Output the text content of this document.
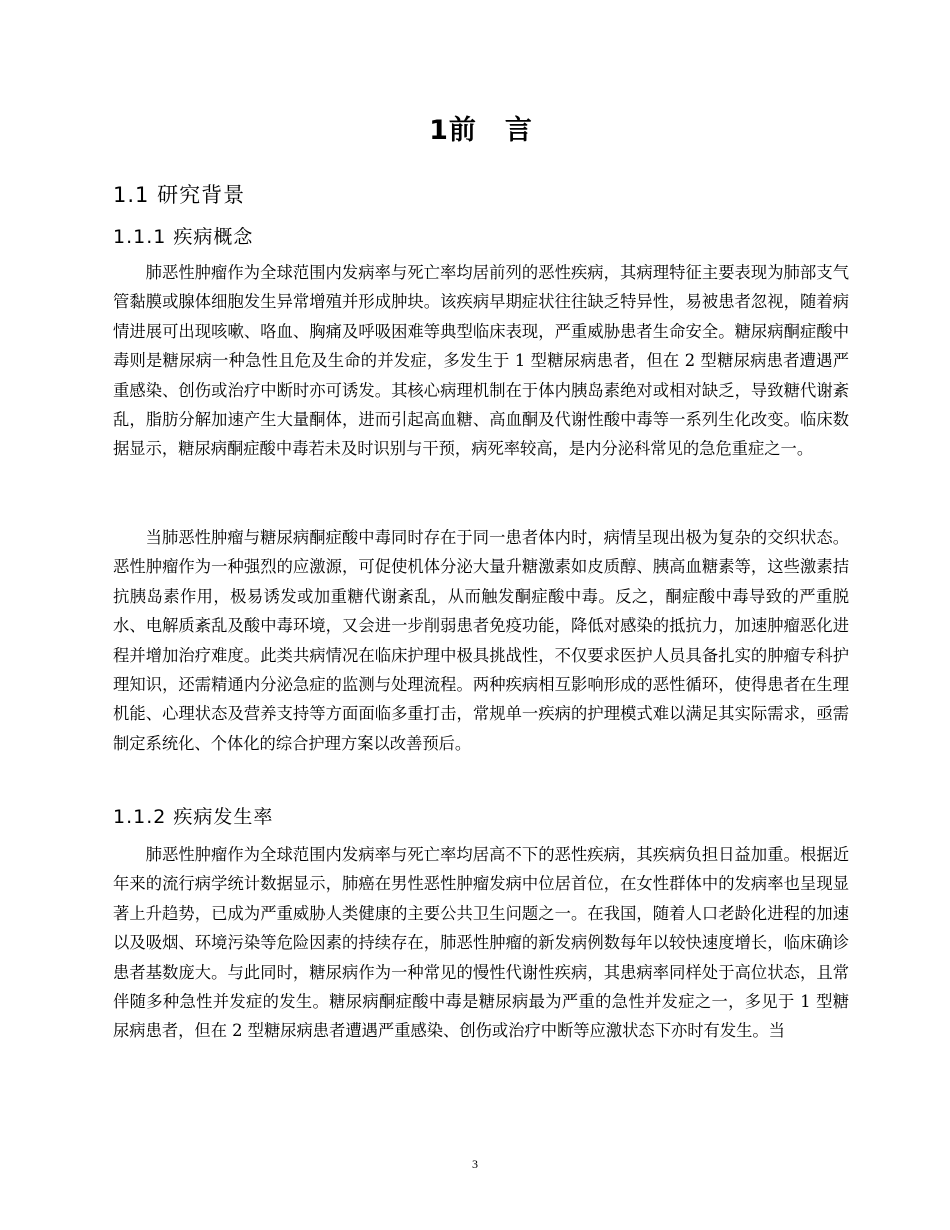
1前　言
1.1 研究背景
1.1.1 疾病概念

肺恶性肿瘤作为全球范围内发病率与死亡率均居前列的恶性疾病，其病理特征主要表现为肺部支气管黏膜或腺体细胞发生异常增殖并形成肿块。该疾病早期症状往往缺乏特异性，易被患者忽视，随着病情进展可出现咳嗽、咯血、胸痛及呼吸困难等典型临床表现，严重威胁患者生命安全。糖尿病酮症酸中毒则是糖尿病一种急性且危及生命的并发症，多发生于 1 型糖尿病患者，但在 2 型糖尿病患者遭遇严重感染、创伤或治疗中断时亦可诱发。其核心病理机制在于体内胰岛素绝对或相对缺乏，导致糖代谢紊乱，脂肪分解加速产生大量酮体，进而引起高血糖、高血酮及代谢性酸中毒等一系列生化改变。临床数据显示，糖尿病酮症酸中毒若未及时识别与干预，病死率较高，是内分泌科常见的急危重症之一。

当肺恶性肿瘤与糖尿病酮症酸中毒同时存在于同一患者体内时，病情呈现出极为复杂的交织状态。恶性肿瘤作为一种强烈的应激源，可促使机体分泌大量升糖激素如皮质醇、胰高血糖素等，这些激素拮抗胰岛素作用，极易诱发或加重糖代谢紊乱，从而触发酮症酸中毒。反之，酮症酸中毒导致的严重脱水、电解质紊乱及酸中毒环境，又会进一步削弱患者免疫功能，降低对感染的抵抗力，加速肿瘤恶化进程并增加治疗难度。此类共病情况在临床护理中极具挑战性，不仅要求医护人员具备扎实的肿瘤专科护理知识，还需精通内分泌急症的监测与处理流程。两种疾病相互影响形成的恶性循环，使得患者在生理机能、心理状态及营养支持等方面面临多重打击，常规单一疾病的护理模式难以满足其实际需求，亟需制定系统化、个体化的综合护理方案以改善预后。

1.1.2 疾病发生率

肺恶性肿瘤作为全球范围内发病率与死亡率均居高不下的恶性疾病，其疾病负担日益加重。根据近年来的流行病学统计数据显示，肺癌在男性恶性肿瘤发病中位居首位，在女性群体中的发病率也呈现显著上升趋势，已成为严重威胁人类健康的主要公共卫生问题之一。在我国，随着人口老龄化进程的加速以及吸烟、环境污染等危险因素的持续存在，肺恶性肿瘤的新发病例数每年以较快速度增长，临床确诊患者基数庞大。与此同时，糖尿病作为一种常见的慢性代谢性疾病，其患病率同样处于高位状态，且常伴随多种急性并发症的发生。糖尿病酮症酸中毒是糖尿病最为严重的急性并发症之一，多见于 1 型糖尿病患者，但在 2 型糖尿病患者遭遇严重感染、创伤或治疗中断等应激状态下亦时有发生。当

3
